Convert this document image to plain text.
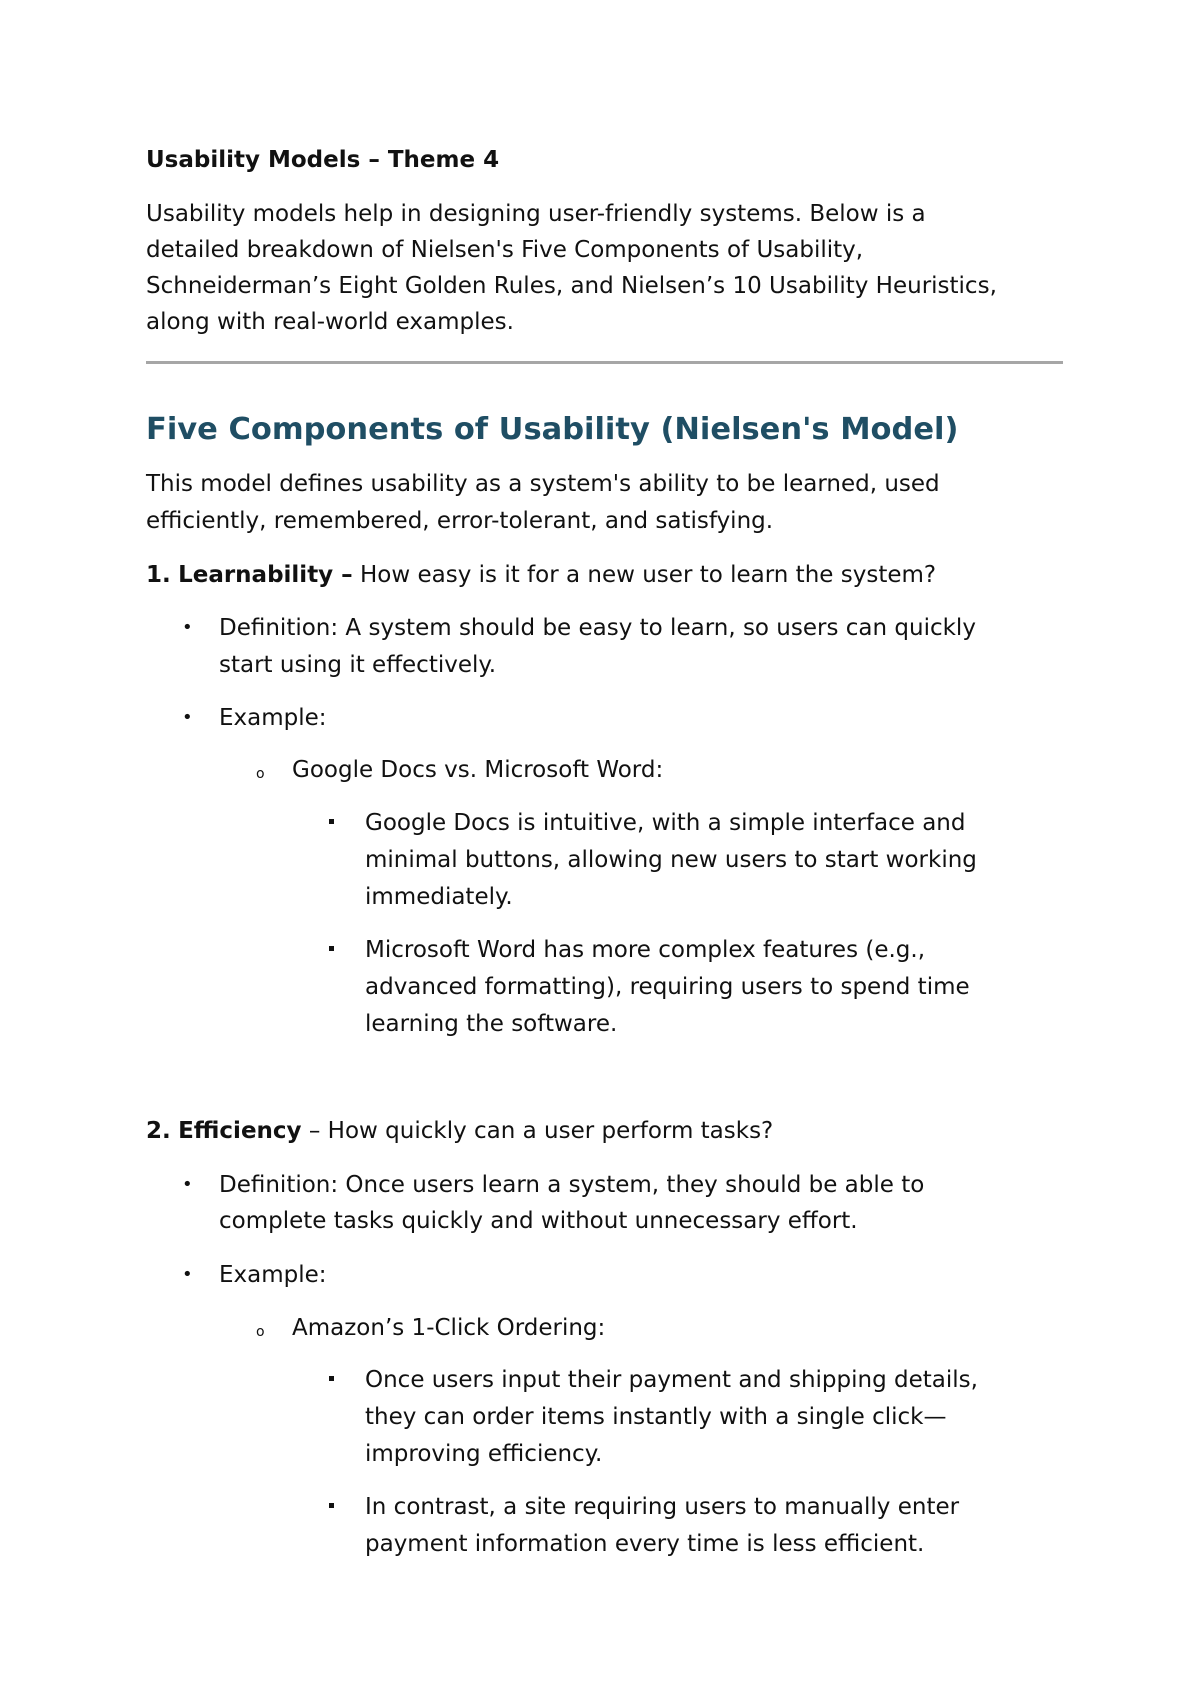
Usability Models – Theme 4
Usability models help in designing user-friendly systems. Below is a
detailed breakdown of Nielsen's Five Components of Usability,
Schneiderman’s Eight Golden Rules, and Nielsen’s 10 Usability Heuristics,
along with real-world examples.
Five Components of Usability (Nielsen's Model)
This model defines usability as a system's ability to be learned, used
efficiently, remembered, error-tolerant, and satisfying.
1. Learnability – How easy is it for a new user to learn the system?
• Definition: A system should be easy to learn, so users can quickly
start using it effectively.
• Example:
o Google Docs vs. Microsoft Word:
Google Docs is intuitive, with a simple interface and
minimal buttons, allowing new users to start working
immediately.
Microsoft Word has more complex features (e.g.,
advanced formatting), requiring users to spend time
learning the software.
2. Efficiency – How quickly can a user perform tasks?
• Definition: Once users learn a system, they should be able to
complete tasks quickly and without unnecessary effort.
• Example:
o Amazon’s 1-Click Ordering:
Once users input their payment and shipping details,
they can order items instantly with a single click—
improving efficiency.
In contrast, a site requiring users to manually enter
payment information every time is less efficient.
